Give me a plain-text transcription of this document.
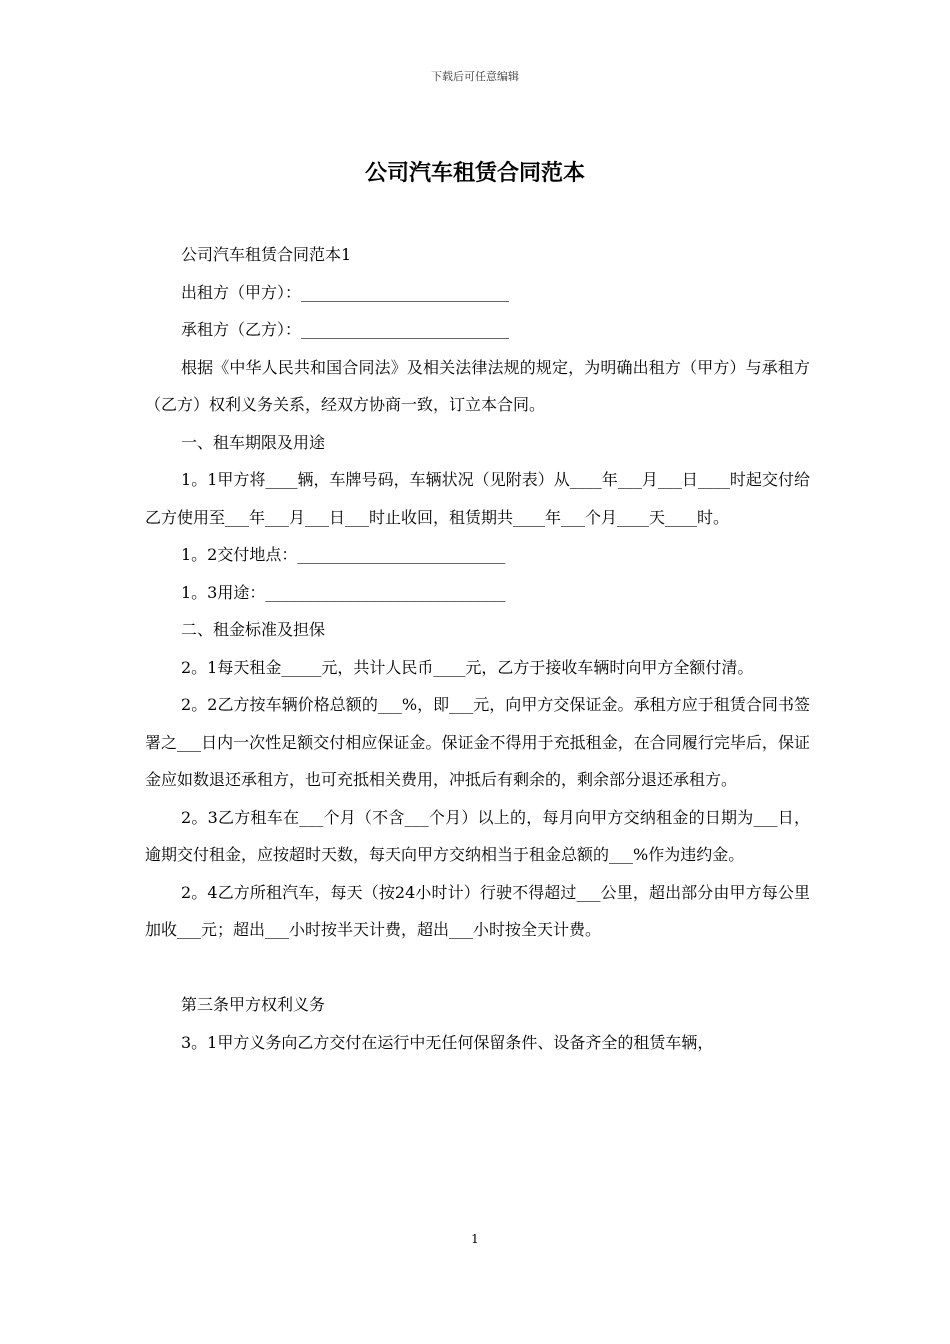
下载后可任意编辑
公司汽车租赁合同范本

公司汽车租赁合同范本1

出租方（甲方）：__________________________

承租方（乙方）：__________________________

根据《中华人民共和国合同法》及相关法律法规的规定，为明确出租方（甲方）与承租方（乙方）权利义务关系，经双方协商一致，订立本合同。

一、租车期限及用途

1。1甲方将____辆，车牌号码，车辆状况（见附表）从____年___月___日____时起交付给乙方使用至___年___月___日___时止收回，租赁期共____年___个月____天____时。

1。2交付地点：__________________________

1。3用途：______________________________

二、租金标准及担保

2。1每天租金_____元，共计人民币____元，乙方于接收车辆时向甲方全额付清。

2。2乙方按车辆价格总额的___%，即___元，向甲方交保证金。承租方应于租赁合同书签署之___日内一次性足额交付相应保证金。保证金不得用于充抵租金，在合同履行完毕后，保证金应如数退还承租方，也可充抵相关费用，冲抵后有剩余的，剩余部分退还承租方。

2。3乙方租车在___个月（不含___个月）以上的，每月向甲方交纳租金的日期为___日，逾期交付租金，应按超时天数，每天向甲方交纳相当于租金总额的___%作为违约金。

2。4乙方所租汽车，每天（按24小时计）行驶不得超过___公里，超出部分由甲方每公里加收___元；超出___小时按半天计费，超出___小时按全天计费。

第三条甲方权利义务

3。1甲方义务向乙方交付在运行中无任何保留条件、设备齐全的租赁车辆，

1
